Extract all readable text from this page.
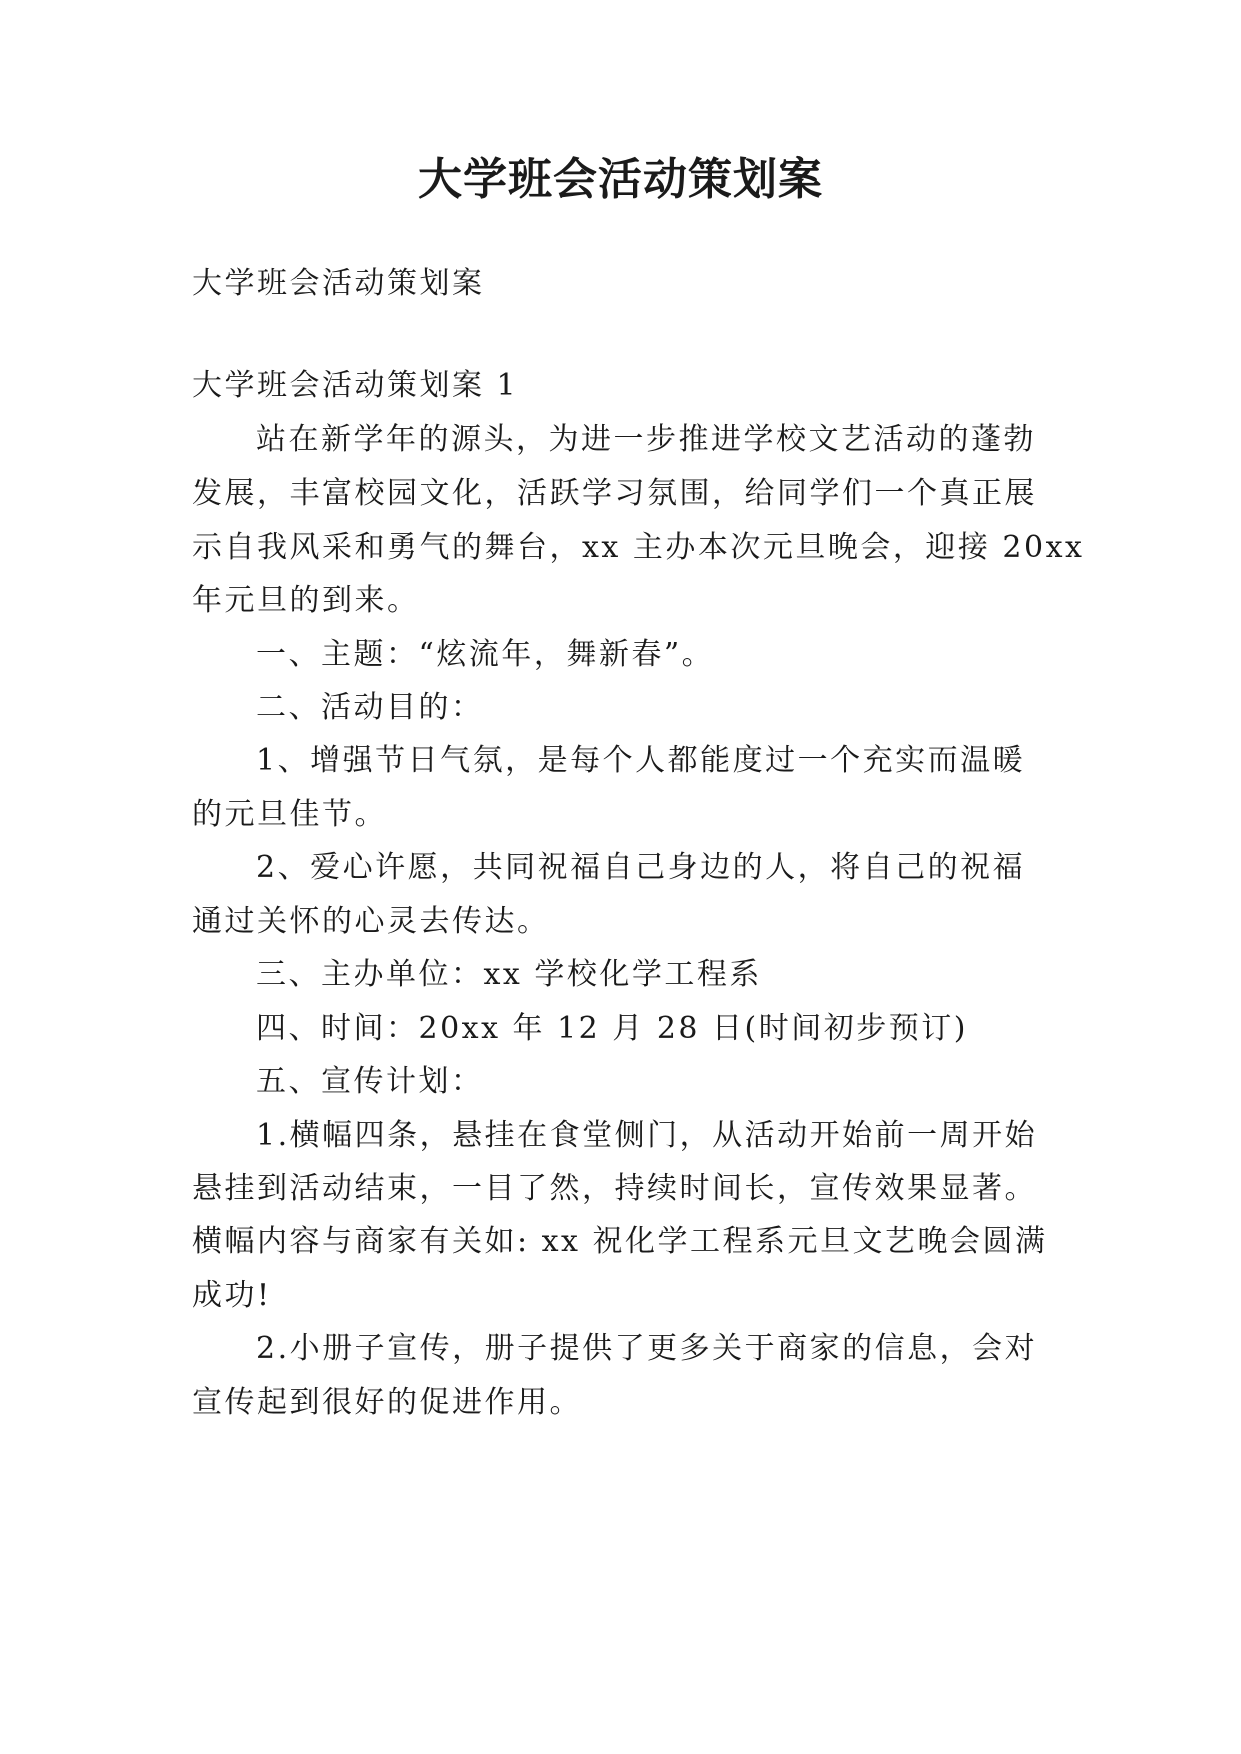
大学班会活动策划案
大学班会活动策划案
大学班会活动策划案 1
站在新学年的源头，为进一步推进学校文艺活动的蓬勃
发展，丰富校园文化，活跃学习氛围，给同学们一个真正展
示自我风采和勇气的舞台，xx 主办本次元旦晚会，迎接 20xx
年元旦的到来。
一、主题：“炫流年，舞新春”。
二、活动目的：
1、增强节日气氛，是每个人都能度过一个充实而温暖
的元旦佳节。
2、爱心许愿，共同祝福自己身边的人，将自己的祝福
通过关怀的心灵去传达。
三、主办单位：xx 学校化学工程系
四、时间：20xx 年 12 月 28 日(时间初步预订)
五、宣传计划：
1.横幅四条，悬挂在食堂侧门，从活动开始前一周开始
悬挂到活动结束，一目了然，持续时间长，宣传效果显著。
横幅内容与商家有关如: xx 祝化学工程系元旦文艺晚会圆满
成功!
2.小册子宣传，册子提供了更多关于商家的信息，会对
宣传起到很好的促进作用。
